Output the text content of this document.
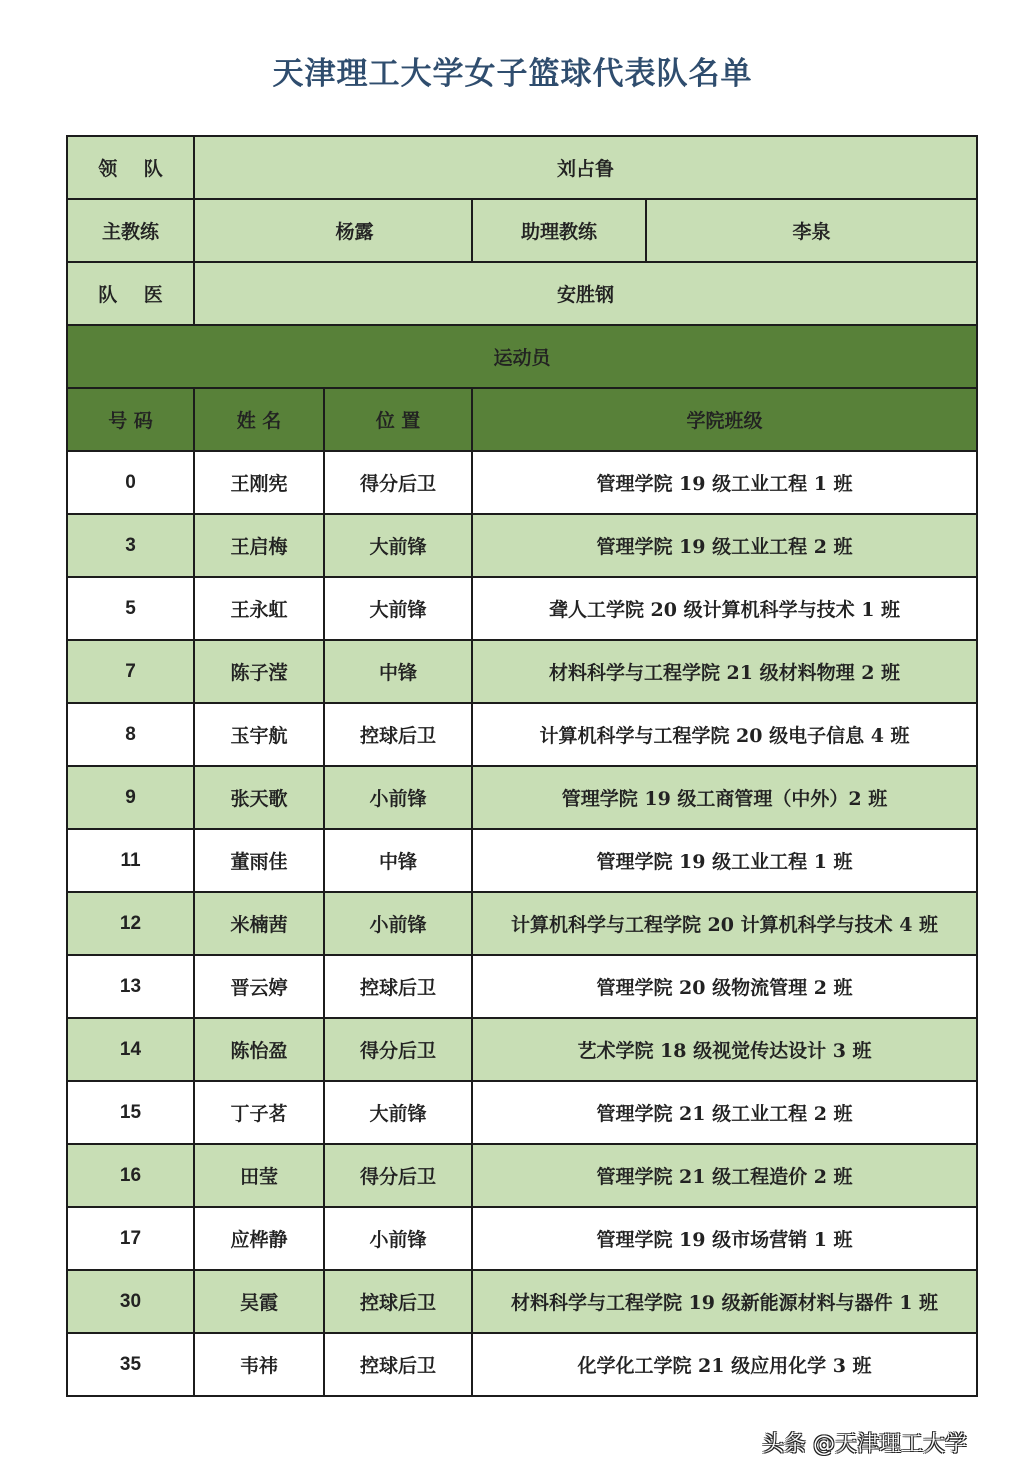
天津理工大学女子篮球代表队名单
领 队	刘占鲁		
主教练	杨露		助理教练 李泉

队 医	安胜钢		
运动员			
号 码	姓 名	位 置	学院班级
0	王刚宪	得分后卫	管理学院 19 级工业工程 1 班
3	王启梅	大前锋	管理学院 19 级工业工程 2 班
5	王永虹	大前锋	聋人工学院 20 级计算机科学与技术 1 班
7	陈子滢	中锋	材料科学与工程学院 21 级材料物理 2 班
8	玉宇航	控球后卫	计算机科学与工程学院 20 级电子信息 4 班
9	张天歌	小前锋	管理学院 19 级工商管理（中外）2 班
11	董雨佳	中锋	管理学院 19 级工业工程 1 班
12	米楠茜	小前锋	计算机科学与工程学院 20 计算机科学与技术 4 班
13	晋云婷	控球后卫	管理学院 20 级物流管理 2 班
14	陈怡盈	得分后卫	艺术学院 18 级视觉传达设计 3 班
15	丁子茗	大前锋	管理学院 21 级工业工程 2 班
16	田莹	得分后卫	管理学院 21 级工程造价 2 班
17	应桦静	小前锋	管理学院 19 级市场营销 1 班
30	吴霞	控球后卫	材料科学与工程学院 19 级新能源材料与器件 1 班
35	韦祎	控球后卫	化学化工学院 21 级应用化学 3 班
头条 @天津理工大学
